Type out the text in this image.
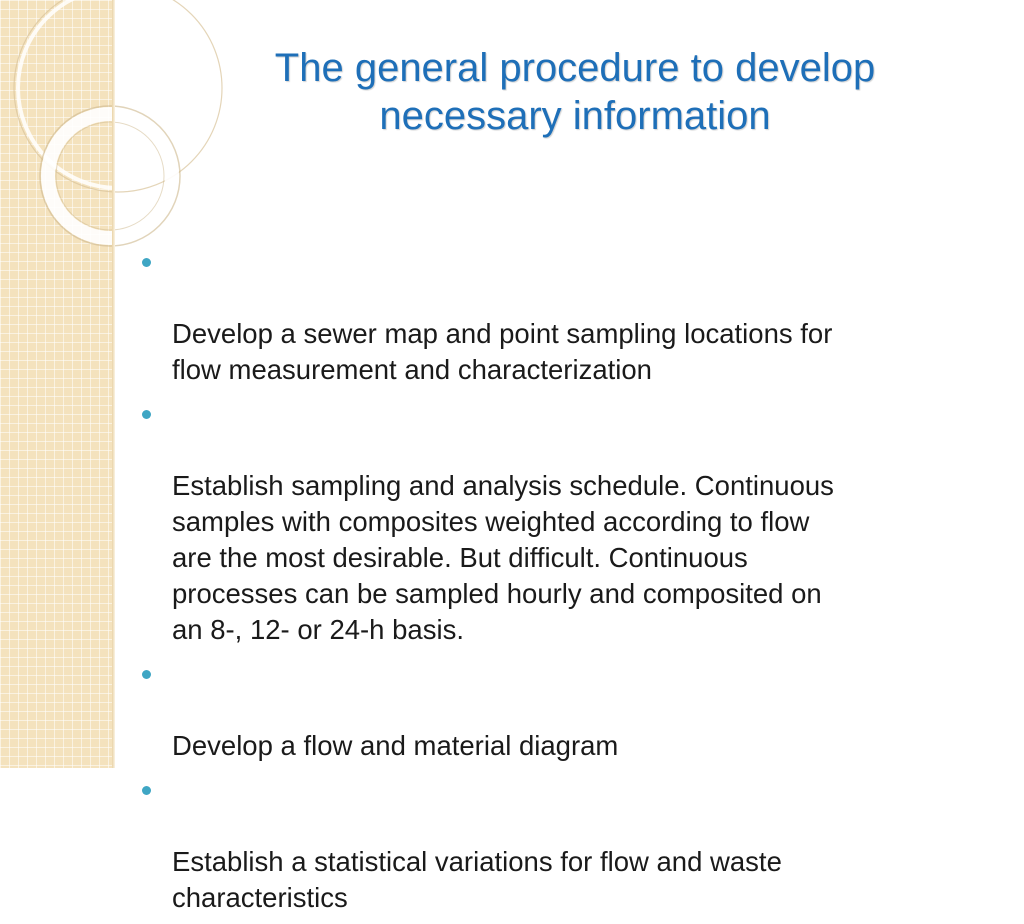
The general procedure to develop
necessary information

Develop a sewer map and point sampling locations for
flow measurement and characterization

Establish sampling and analysis schedule. Continuous
samples with composites weighted according to flow
are the most desirable. But difficult. Continuous
processes can be sampled hourly and composited on
an 8-, 12- or 24-h basis.

Develop a flow and material diagram

Establish a statistical variations for flow and waste
characteristics
